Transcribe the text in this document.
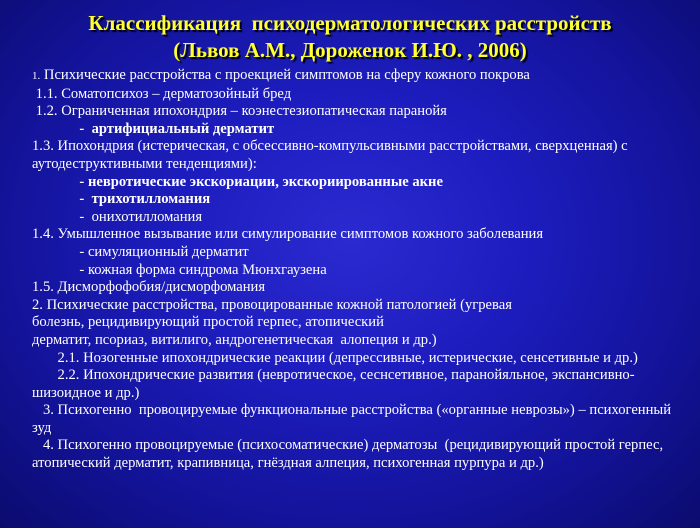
Классификация  психодерматологических расстройств
(Львов А.М., Дороженок И.Ю. , 2006)
1. Психические расстройства с проекцией симптомов на сферу кожного покрова
1.1. Соматопсихоз – дерматозойный бред
1.2. Ограниченная ипохондрия – коэнестезиопатическая паранойя
-  артифициальный дерматит
1.3. Ипохондрия (истерическая, с обсессивно-компульсивными расстройствами, сверхценная) с аутодеструктивными тенденциями):
- невротические экскориации, экскориированные акне
-  трихотилломания
-  онихотилломания
1.4. Умышленное вызывание или симулирование симптомов кожного заболевания
- симуляционный дерматит
- кожная форма синдрома Мюнхгаузена
1.5. Дисморфофобия/дисморфомания
2. Психические расстройства, провоцированные кожной патологией (угревая
болезнь, рецидивирующий простой герпес, атопический
дерматит, псориаз, витилиго, андрогенетическая  алопеция и др.)
2.1. Нозогенные ипохондрические реакции (депрессивные, истерические, сенсетивные и др.)
2.2. Ипохондрические развития (невротическое, сеснсетивное, паранойяльное, экспансивно-шизоидное и др.)
3. Психогенно  провоцируемые функциональные расстройства («органные неврозы») – психогенный зуд
4. Психогенно провоцируемые (психосоматические) дерматозы  (рецидивирующий простой герпес, атопический дерматит, крапивница, гнёздная алпеция, психогенная пурпура и др.)
